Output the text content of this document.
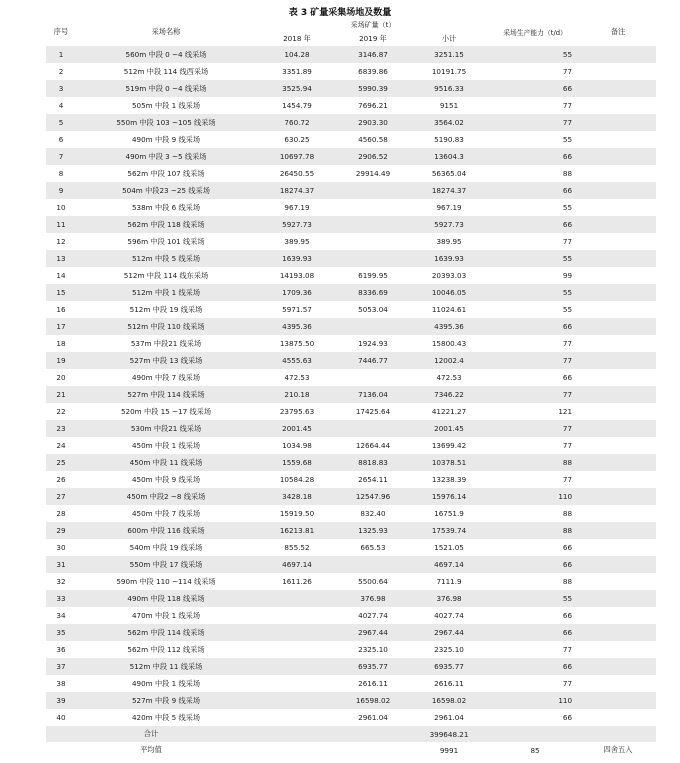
表 3 矿量采集场地及数量
序号	采场名称	采场矿量（t）			采场生产能力（t/d）	备注
		2018 年	2019 年	小计		
1	560m 中段 0 ~4 线采场	104.28	3146.87	3251.15	55	
2	512m 中段 114 线西采场	3351.89	6839.86	10191.75	77	
3	519m 中段 0 ~4 线采场	3525.94	5990.39	9516.33	66	
4	505m 中段 1 线采场	1454.79	7696.21	9151	77	
5	550m 中段 103 ~105 线采场	760.72	2903.30	3564.02	77	
6	490m 中段 9 线采场	630.25	4560.58	5190.83	55	
7	490m 中段 3 ~5 线采场	10697.78	2906.52	13604.3	66	
8	562m 中段 107 线采场	26450.55	29914.49	56365.04	88	
9	504m 中段23 ~25 线采场	18274.37		18274.37	66	
10	538m 中段 6 线采场	967.19		967.19	55	
11	562m 中段 118 线采场	5927.73		5927.73	66	
12	596m 中段 101 线采场	389.95		389.95	77	
13	512m 中段 5 线采场	1639.93		1639.93	55	
14	512m 中段 114 线东采场	14193.08	6199.95	20393.03	99	
15	512m 中段 1 线采场	1709.36	8336.69	10046.05	55	
16	512m 中段 19 线采场	5971.57	5053.04	11024.61	55	
17	512m 中段 110 线采场	4395.36		4395.36	66	
18	537m 中段21 线采场	13875.50	1924.93	15800.43	77	
19	527m 中段 13 线采场	4555.63	7446.77	12002.4	77	
20	490m 中段 7 线采场	472.53		472.53	66	
21	527m 中段 114 线采场	210.18	7136.04	7346.22	77	
22	520m 中段 15 ~17 线采场	23795.63	17425.64	41221.27	121	
23	530m 中段21 线采场	2001.45		2001.45	77	
24	450m 中段 1 线采场	1034.98	12664.44	13699.42	77	
25	450m 中段 11 线采场	1559.68	8818.83	10378.51	88	
26	450m 中段 9 线采场	10584.28	2654.11	13238.39	77	
27	450m 中段2 ~8 线采场	3428.18	12547.96	15976.14	110	
28	450m 中段 7 线采场	15919.50	832.40	16751.9	88	
29	600m 中段 116 线采场	16213.81	1325.93	17539.74	88	
30	540m 中段 19 线采场	855.52	665.53	1521.05	66	
31	550m 中段 17 线采场	4697.14		4697.14	66	
32	590m 中段 110 ~114 线采场	1611.26	5500.64	7111.9	88	
33	490m 中段 118 线采场		376.98	376.98	55	
34	470m 中段 1 线采场		4027.74	4027.74	66	
35	562m 中段 114 线采场		2967.44	2967.44	66	
36	562m 中段 112 线采场		2325.10	2325.10	77	
37	512m 中段 11 线采场		6935.77	6935.77	66	
38	490m 中段 1 线采场		2616.11	2616.11	77	
39	527m 中段 9 线采场		16598.02	16598.02	110	
40	420m 中段 5 线采场		2961.04	2961.04	66	
合计				399648.21		
平均值				9991	85	四舍五入
